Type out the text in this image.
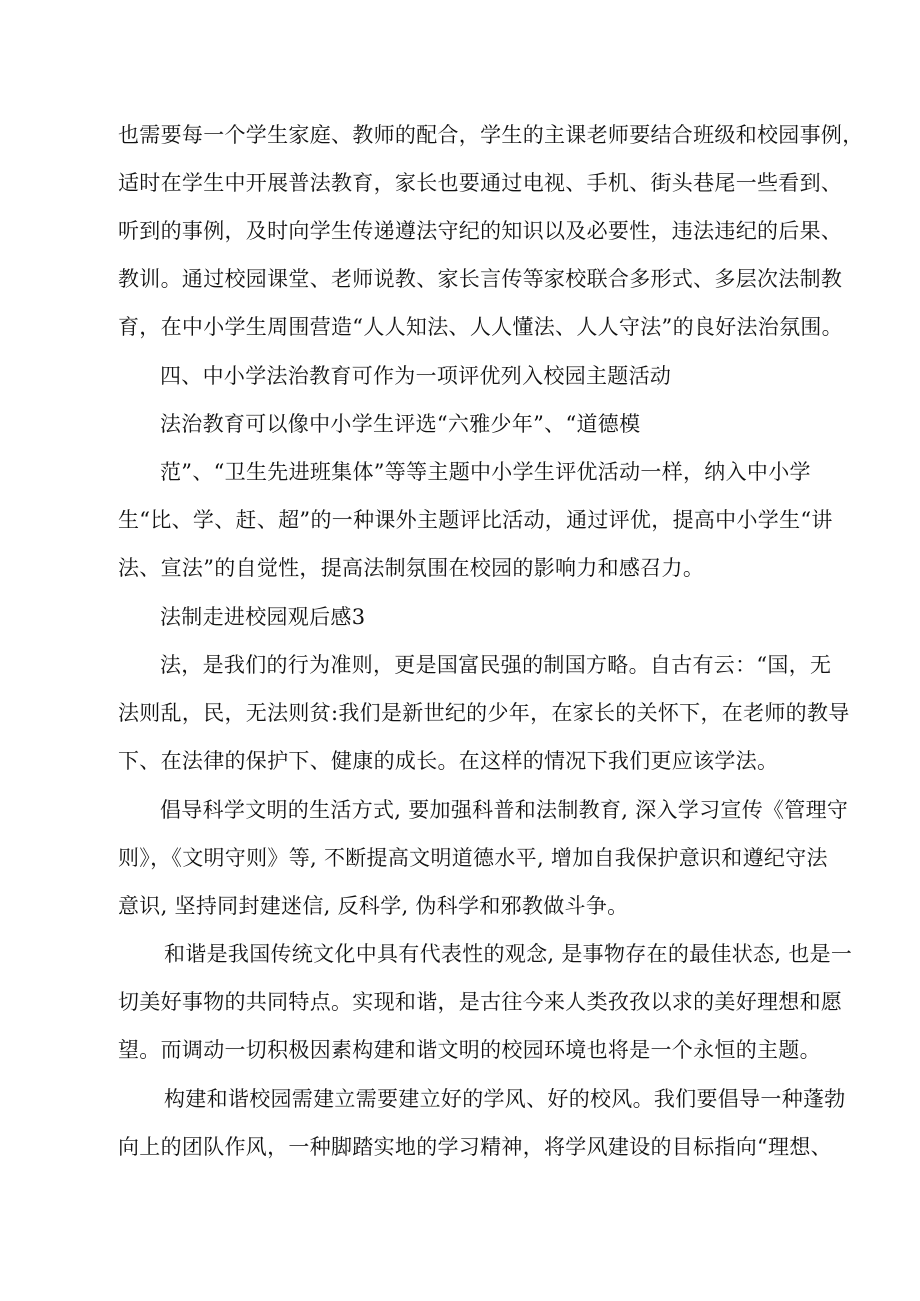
也需要每一个学生家庭、教师的配合，学生的主课老师要结合班级和校园事例，

适时在学生中开展普法教育，家长也要通过电视、手机、街头巷尾一些看到、

听到的事例，及时向学生传递遵法守纪的知识以及必要性，违法违纪的后果、

教训。通过校园课堂、老师说教、家长言传等家校联合多形式、多层次法制教

育，在中小学生周围营造“人人知法、人人懂法、人人守法”的良好法治氛围。

四、中小学法治教育可作为一项评优列入校园主题活动

法治教育可以像中小学生评选“六雅少年”、“道德模

范”、“卫生先进班集体”等等主题中小学生评优活动一样，纳入中小学

生“比、学、赶、超”的一种课外主题评比活动，通过评优，提高中小学生“讲

法、宣法”的自觉性，提高法制氛围在校园的影响力和感召力。

法制走进校园观后感3

法，是我们的行为准则，更是国富民强的制国方略。自古有云：“国，无

法则乱，民，无法则贫:我们是新世纪的少年，在家长的关怀下，在老师的教导

下、在法律的保护下、健康的成长。在这样的情况下我们更应该学法。

倡导科学文明的生活方式, 要加强科普和法制教育, 深入学习宣传《管理守

则》，《文明守则》等, 不断提高文明道德水平, 增加自我保护意识和遵纪守法

意识, 坚持同封建迷信, 反科学, 伪科学和邪教做斗争。

和谐是我国传统文化中具有代表性的观念, 是事物存在的最佳状态, 也是一

切美好事物的共同特点。实现和谐，是古往今来人类孜孜以求的美好理想和愿

望。而调动一切积极因素构建和谐文明的校园环境也将是一个永恒的主题。

构建和谐校园需建立需要建立好的学风、好的校风。我们要倡导一种蓬勃

向上的团队作风，一种脚踏实地的学习精神，将学风建设的目标指向“理想、
